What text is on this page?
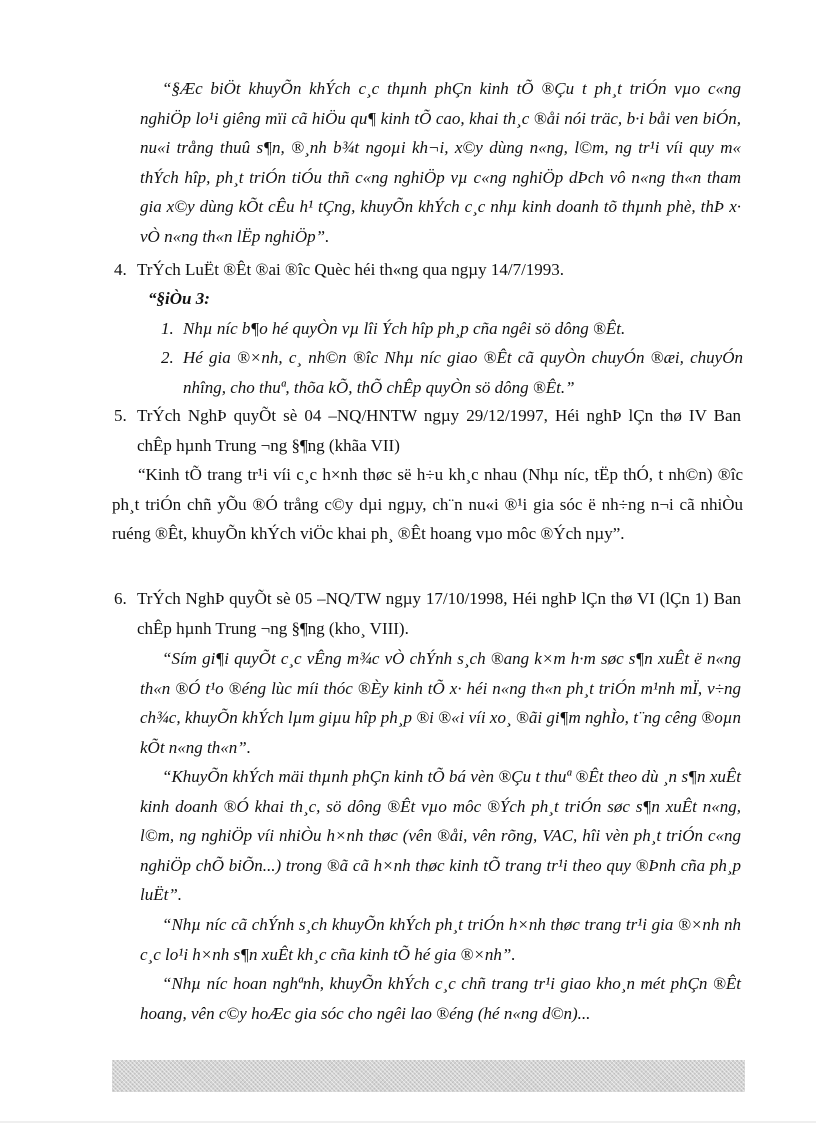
“§Æc biÖt khuyÕn khÝch c¸c thµnh phÇn kinh tÕ ®Çu t ph¸t triÓn vµo c«ng nghiÖp lo¹i giêng mïi cã hiÖu qu¶ kinh tÕ cao, khai th¸c ®åi nói träc, b·i båi ven biÓn, nu«i trång thuû s¶n, ®¸nh b¾t ngoµi kh¬i, x©y dùng n«ng, l©m, ng tr¹i víi quy m« thÝch hîp, ph¸t triÓn tiÓu thñ c«ng nghiÖp vµ c«ng nghiÖp dÞch vô n«ng th«n tham gia x©y dùng kÕt cÊu h¹ tÇng, khuyÕn khÝch c¸c nhµ kinh doanh tõ thµnh phè, thÞ x· vÒ n«ng th«n lËp nghiÖp”.

4. TrÝch LuËt ®Êt ®ai ®îc Quèc héi th«ng qua ngµy 14/7/1993.

“§iÒu 3:

1. Nhµ níc b¶o hé quyÒn vµ lîi Ých hîp ph¸p cña ngêi sö dông ®Êt.

2. Hé gia ®×nh, c¸ nh©n ®îc Nhµ níc giao ®Êt cã quyÒn chuyÓn ®æi, chuyÓn nhîng, cho thuª, thõa kÕ, thÕ chÊp quyÒn sö dông ®Êt.”

5. TrÝch NghÞ quyÕt sè 04 –NQ/HNTW ngµy 29/12/1997, Héi nghÞ lÇn thø IV Ban chÊp hµnh Trung ¬ng §¶ng (khãa VII)

“Kinh tÕ trang tr¹i víi c¸c h×nh thøc së h÷u kh¸c nhau (Nhµ níc, tËp thÓ, t nh©n) ®îc ph¸t triÓn chñ yÕu ®Ó trång c©y dµi ngµy, ch¨n nu«i ®¹i gia sóc ë nh÷ng n¬i cã nhiÒu ruéng ®Êt, khuyÕn khÝch viÖc khai ph¸ ®Êt hoang vµo môc ®Ých nµy”.

6. TrÝch NghÞ quyÕt sè 05 –NQ/TW ngµy 17/10/1998, Héi nghÞ lÇn thø VI (lÇn 1) Ban chÊp hµnh Trung ¬ng §¶ng (kho¸ VIII).

“Sím gi¶i quyÕt c¸c vÊng m¾c vÒ chÝnh s¸ch ®ang k×m h·m søc s¶n xuÊt ë n«ng th«n ®Ó t¹o ®éng lùc míi thóc ®Èy kinh tÕ x· héi n«ng th«n ph¸t triÓn m¹nh mÏ, v÷ng ch¾c, khuyÕn khÝch lµm giµu hîp ph¸p ®i ®«i víi xo¸ ®ãi gi¶m nghÌo, t¨ng cêng ®oµn kÕt n«ng th«n”.

“KhuyÕn khÝch mäi thµnh phÇn kinh tÕ bá vèn ®Çu t thuª ®Êt theo dù ¸n s¶n xuÊt kinh doanh ®Ó khai th¸c, sö dông ®Êt vµo môc ®Ých ph¸t triÓn søc s¶n xuÊt n«ng, l©m, ng nghiÖp víi nhiÒu h×nh thøc (vên ®åi, vên rõng, VAC, hîi vèn ph¸t triÓn c«ng nghiÖp chÕ biÕn...) trong ®ã cã h×nh thøc kinh tÕ trang tr¹i theo quy ®Þnh cña ph¸p luËt”.

“Nhµ níc cã chÝnh s¸ch khuyÕn khÝch ph¸t triÓn h×nh thøc trang tr¹i gia ®×nh nh c¸c lo¹i h×nh s¶n xuÊt kh¸c cña kinh tÕ hé gia ®×nh”.

“Nhµ níc hoan nghªnh, khuyÕn khÝch c¸c chñ trang tr¹i giao kho¸n mét phÇn ®Êt hoang, vên c©y hoÆc gia sóc cho ngêi lao ®éng (hé n«ng d©n)...
